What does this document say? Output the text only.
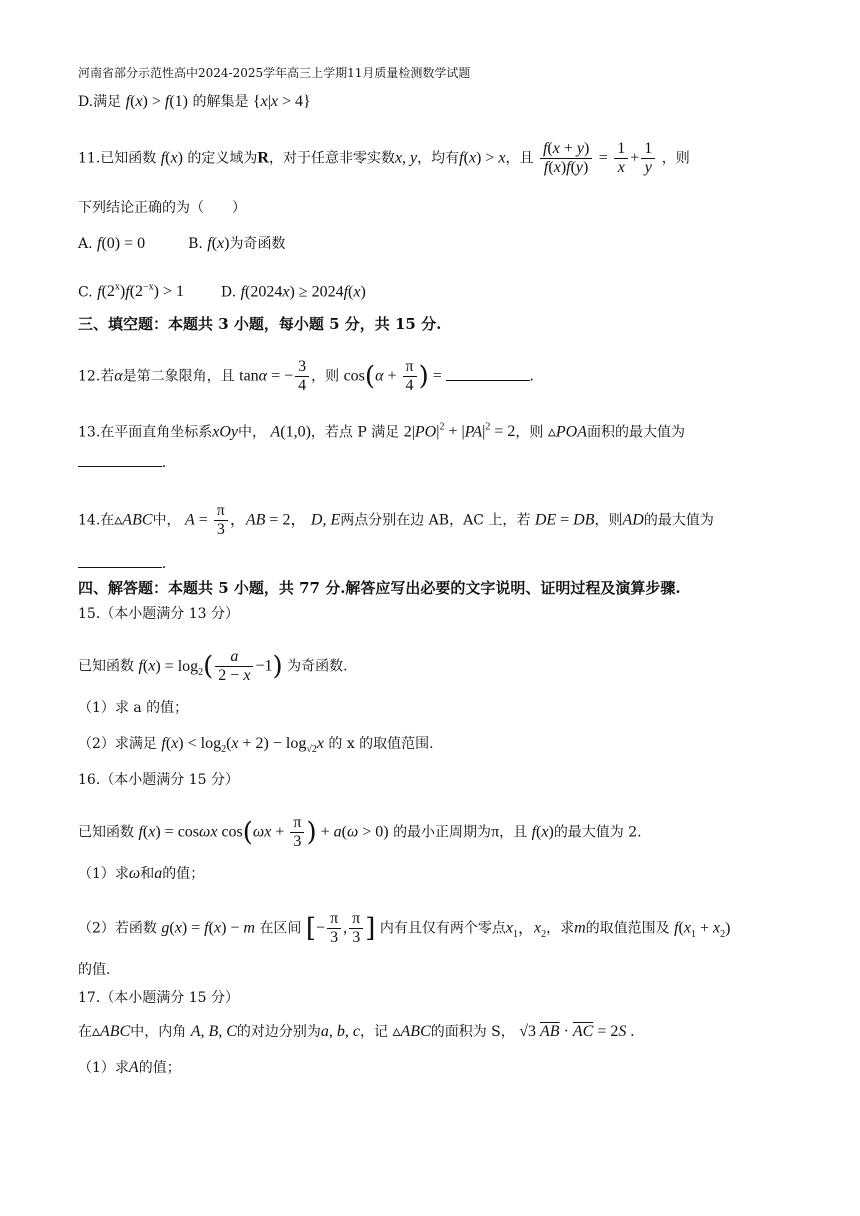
河南省部分示范性高中2024-2025学年高三上学期11月质量检测数学试题
D.满足 f(x) > f(1) 的解集是 {x|x > 4}
11.已知函数 f(x) 的定义域为R，对于任意非零实数x, y，均有f(x) > x，且 $\frac{f(x + y)}{f(x)f(y)} = \frac{1}{x} + \frac{1}{y}$ ，则
下列结论正确的为（　　）
A. f(0) = 0	B. f(x)为奇函数
C. $f(2^x)f(2^{-x}) > 1$	D. f(2024x) ≥ 2024f(x)
三、填空题：本题共 3 小题，每小题 5 分，共 15 分.
12.若α是第二象限角，且 tanα = − $\frac{3}{4}$ ，则 $\cos(\alpha + \frac{\pi}{4}$ ) =	.
13.在平面直角坐标系xOy中， A(1,0)，若点 P 满足 $2|PO|^2 + |PA|^2 = 2$，则 ▵POA面积的最大值为
.
14.在▵ABC中， $A = \frac{\pi}{3}$ ，AB = 2， D, E两点分别在边 AB，AC 上，若 DE = DB，则AD的最大值为
.
四、解答题：本题共 5 小题，共 77 分.解答应写出必要的文字说明、证明过程及演算步骤.
15.（本小题满分 13 分）
已知函数 $f(x) = \log_2( \frac{a}{2 - x} -1)$ 为奇函数.
（1）求 a 的值；
（2）求满足 $f(x) < \log_2(x + 2) - \log_{√2}x$ 的 x 的取值范围.
16.（本小题满分 15 分）
已知函数 f(x) = cosωx $\cos(\omega x + \frac{\pi}{3}$ ) + a(ω > 0) 的最小正周期为π，且 f(x)的最大值为 2.
（1）求ω和a的值；
（2）若函数 g(x) = f(x) − m 在区间 [− $\frac{\pi}{3}$ , $\frac{\pi}{3}$ ] 内有且仅有两个零点$x_1$，$x_2$，求m的取值范围及 $f(x_1 + x_2)$
的值.
17.（本小题满分 15 分）
在▵ABC中，内角 A, B, C的对边分别为a, b, c，记 ▵ABC的面积为 S， √3 $\overline{AB} \cdot \overline{AC} = 2S$ .
（1）求A的值；
